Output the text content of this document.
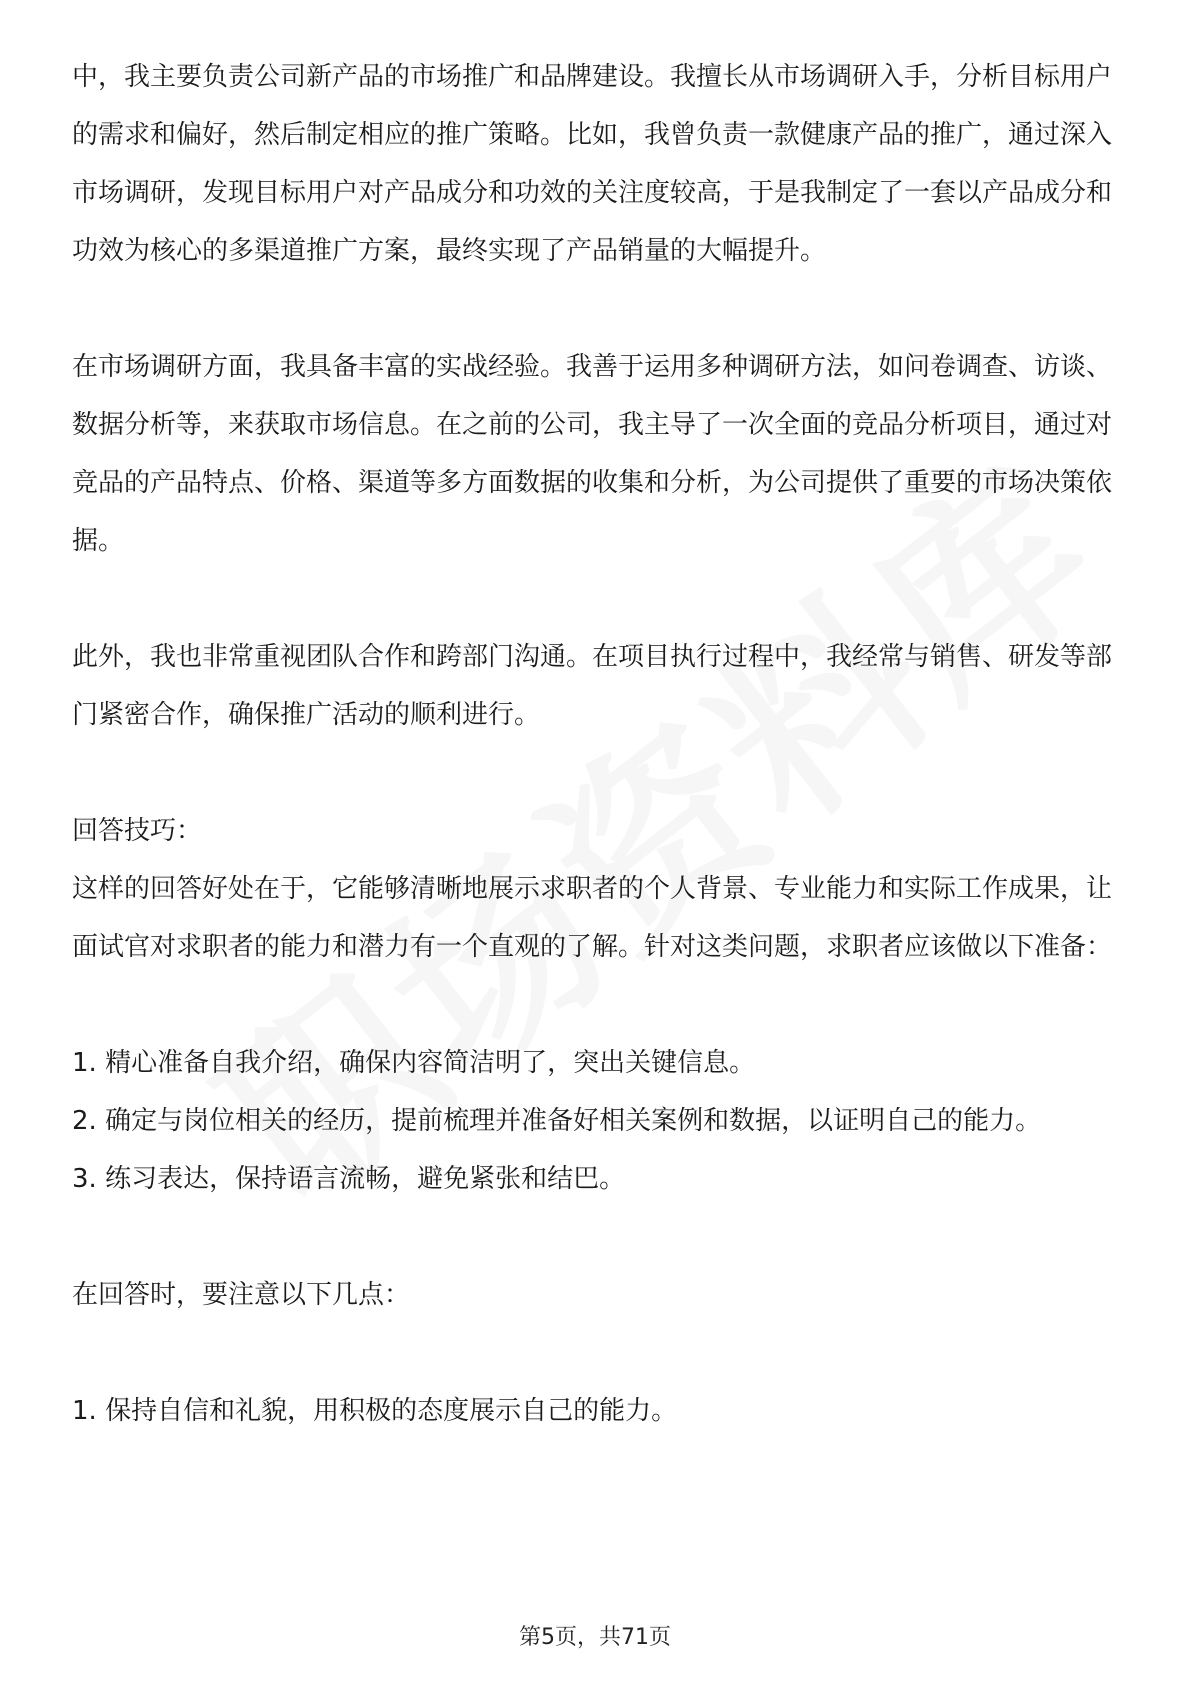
中，我主要负责公司新产品的市场推广和品牌建设。我擅长从市场调研入手，分析目标用户的需求和偏好，然后制定相应的推广策略。比如，我曾负责一款健康产品的推广，通过深入市场调研，发现目标用户对产品成分和功效的关注度较高，于是我制定了一套以产品成分和功效为核心的多渠道推广方案，最终实现了产品销量的大幅提升。

在市场调研方面，我具备丰富的实战经验。我善于运用多种调研方法，如问卷调查、访谈、数据分析等，来获取市场信息。在之前的公司，我主导了一次全面的竞品分析项目，通过对竞品的产品特点、价格、渠道等多方面数据的收集和分析，为公司提供了重要的市场决策依据。

此外，我也非常重视团队合作和跨部门沟通。在项目执行过程中，我经常与销售、研发等部门紧密合作，确保推广活动的顺利进行。

回答技巧：

这样的回答好处在于，它能够清晰地展示求职者的个人背景、专业能力和实际工作成果，让面试官对求职者的能力和潜力有一个直观的了解。针对这类问题，求职者应该做以下准备：

1. 精心准备自我介绍，确保内容简洁明了，突出关键信息。

2. 确定与岗位相关的经历，提前梳理并准备好相关案例和数据，以证明自己的能力。

3. 练习表达，保持语言流畅，避免紧张和结巴。

在回答时，要注意以下几点：

1. 保持自信和礼貌，用积极的态度展示自己的能力。

第5页，共71页
